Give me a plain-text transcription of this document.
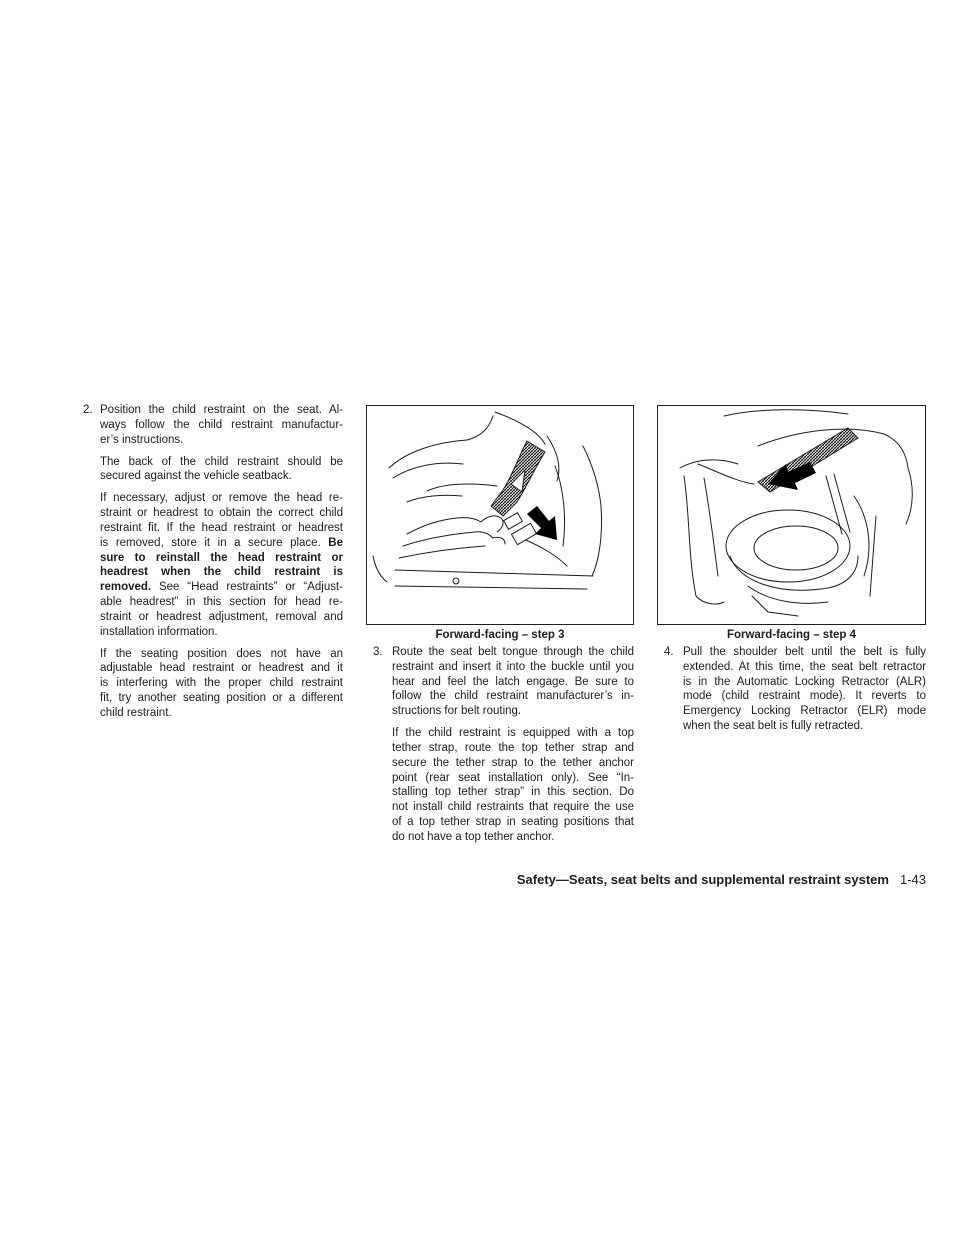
2. Position the child restraint on the seat. Al-
ways follow the child restraint manufactur-
er’s instructions.
The back of the child restraint should be
secured against the vehicle seatback.
If necessary, adjust or remove the head re-
straint or headrest to obtain the correct child
restraint fit. If the head restraint or headrest
is removed, store it in a secure place. Be
sure to reinstall the head restraint or
headrest when the child restraint is
removed. See “Head restraints” or “Adjust-
able headrest” in this section for head re-
straint or headrest adjustment, removal and
installation information.
If the seating position does not have an
adjustable head restraint or headrest and it
is interfering with the proper child restraint
fit, try another seating position or a different
child restraint.
Forward-facing – step 3	Forward-facing – step 4
3. Route the seat belt tongue through the child
restraint and insert it into the buckle until you
hear and feel the latch engage. Be sure to
follow the child restraint manufacturer’s in-
structions for belt routing.
If the child restraint is equipped with a top
tether strap, route the top tether strap and
secure the tether strap to the tether anchor
point (rear seat installation only). See “In-
stalling top tether strap” in this section. Do
not install child restraints that require the use
of a top tether strap in seating positions that
do not have a top tether anchor.
4. Pull the shoulder belt until the belt is fully
extended. At this time, the seat belt retractor
is in the Automatic Locking Retractor (ALR)
mode (child restraint mode). It reverts to
Emergency Locking Retractor (ELR) mode
when the seat belt is fully retracted.
Safety—Seats, seat belts and supplemental restraint system 1-43
